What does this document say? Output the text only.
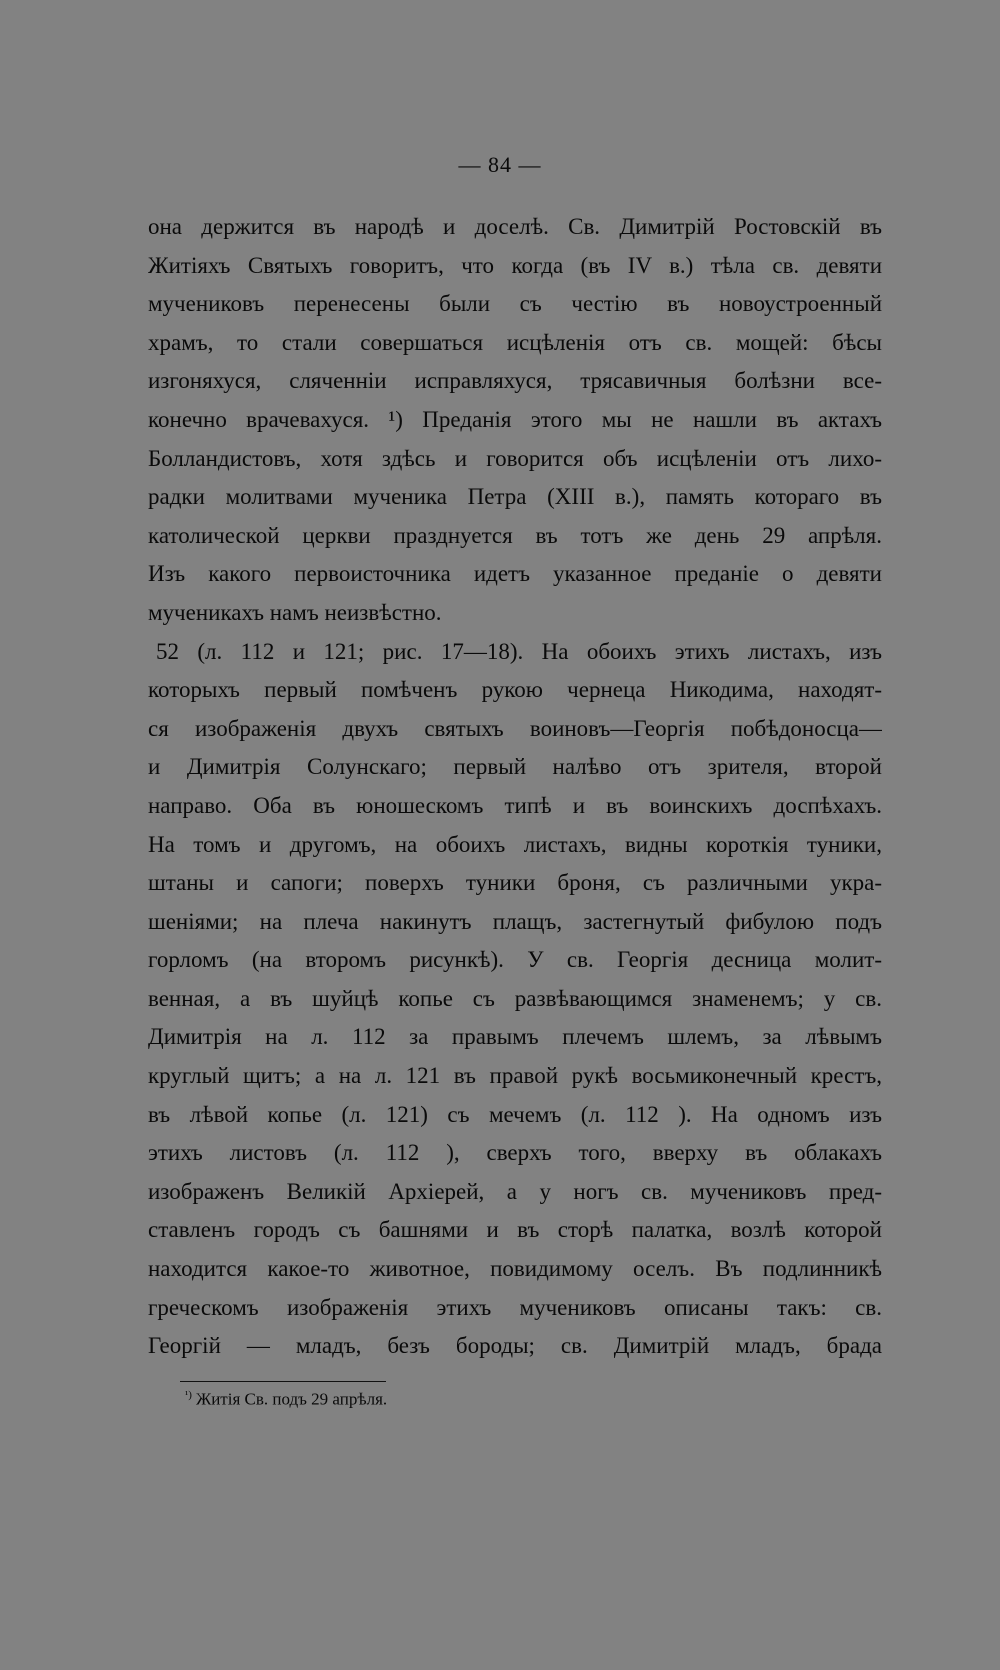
— 84 —

она держится въ народѣ и доселѣ. Св. Димитрій Ростовскій въ
Житіяхъ Святыхъ говоритъ, что когда (въ IV в.) тѣла св. девяти
мучениковъ перенесены были съ честію въ новоустроенный
храмъ, то стали совершаться исцѣленія отъ св. мощей: бѣсы
изгоняхуся, сляченніи исправляхуся, трясавичныя болѣзни все-
конечно врачевахуся. ¹) Преданія этого мы не нашли въ актахъ
Болландистовъ, хотя здѣсь и говорится объ исцѣленіи отъ лихо-
радки молитвами мученика Петра (XIII в.), память котораго въ
католической церкви празднуется въ тотъ же день 29 апрѣля.
Изъ какого первоисточника идетъ указанное преданіе о девяти
мученикахъ намъ неизвѣстно.
52 (л. 112 и 121; рис. 17—18). На обоихъ этихъ листахъ, изъ
которыхъ первый помѣченъ рукою чернеца Никодима, находят-
ся изображенія двухъ святыхъ воиновъ—Георгія побѣдоносца—
и Димитрія Солунскаго; первый налѣво отъ зрителя, второй
направо. Оба въ юношескомъ типѣ и въ воинскихъ доспѣхахъ.
На томъ и другомъ, на обоихъ листахъ, видны короткія туники,
штаны и сапоги; поверхъ туники броня, съ различными укра-
шеніями; на плеча накинутъ плащъ, застегнутый фибулою подъ
горломъ (на второмъ рисункѣ). У св. Георгія десница молит-
венная, а въ шуйцѣ копье съ развѣвающимся знаменемъ; у св.
Димитрія на л. 112 за правымъ плечемъ шлемъ, за лѣвымъ
круглый щитъ; а на л. 121 въ правой рукѣ восьмиконечный крестъ,
въ лѣвой копье (л. 121) съ мечемъ (л. 112 ). На одномъ изъ
этихъ листовъ (л. 112 ), сверхъ того, вверху въ облакахъ
изображенъ Великій Архіерей, а у ногъ св. мучениковъ пред-
ставленъ городъ съ башнями и въ сторѣ палатка, возлѣ которой
находится какое-то животное, повидимому оселъ. Въ подлинникѣ
греческомъ изображенія этихъ мучениковъ описаны такъ: св.
Георгій — младъ, безъ бороды; св. Димитрій младъ, брада

$^{^1)}$ Житія Св. подъ 29 апрѣля.
